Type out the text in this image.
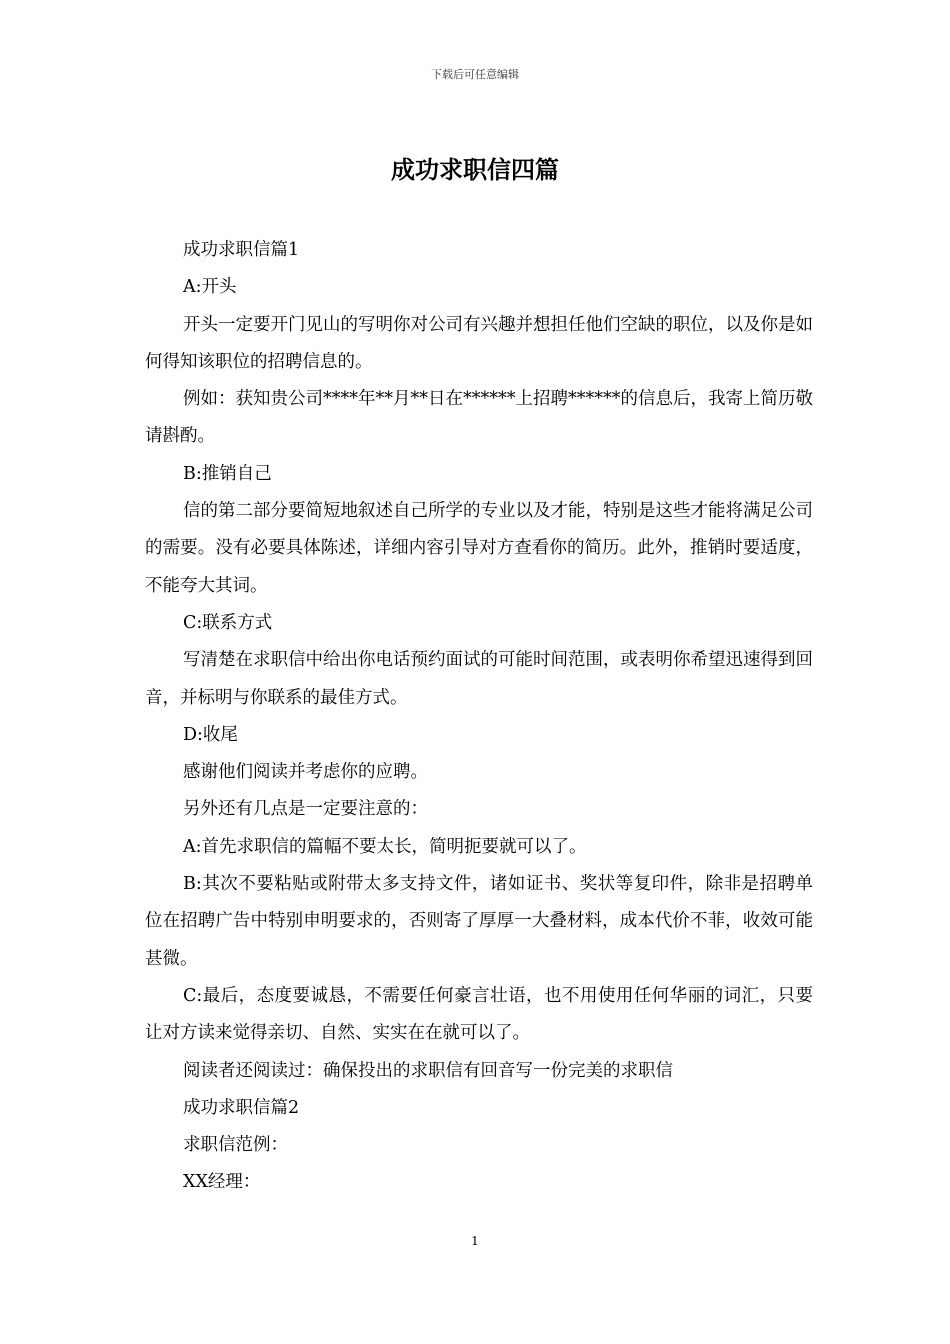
下载后可任意编辑
成功求职信四篇

成功求职信篇1

A:开头

开头一定要开门见山的写明你对公司有兴趣并想担任他们空缺的职位，以及你是如何得知该职位的招聘信息的。

例如：获知贵公司****年**月**日在******上招聘******的信息后，我寄上简历敬请斟酌。

B:推销自己

信的第二部分要简短地叙述自己所学的专业以及才能，特别是这些才能将满足公司的需要。没有必要具体陈述，详细内容引导对方查看你的简历。此外，推销时要适度，不能夸大其词。

C:联系方式

写清楚在求职信中给出你电话预约面试的可能时间范围，或表明你希望迅速得到回音，并标明与你联系的最佳方式。

D:收尾

感谢他们阅读并考虑你的应聘。

另外还有几点是一定要注意的：

A:首先求职信的篇幅不要太长，简明扼要就可以了。

B:其次不要粘贴或附带太多支持文件，诸如证书、奖状等复印件，除非是招聘单位在招聘广告中特别申明要求的，否则寄了厚厚一大叠材料，成本代价不菲，收效可能甚微。

C:最后，态度要诚恳，不需要任何豪言壮语，也不用使用任何华丽的词汇，只要让对方读来觉得亲切、自然、实实在在就可以了。

阅读者还阅读过：确保投出的求职信有回音写一份完美的求职信

成功求职信篇2

求职信范例：

XX经理：

1
